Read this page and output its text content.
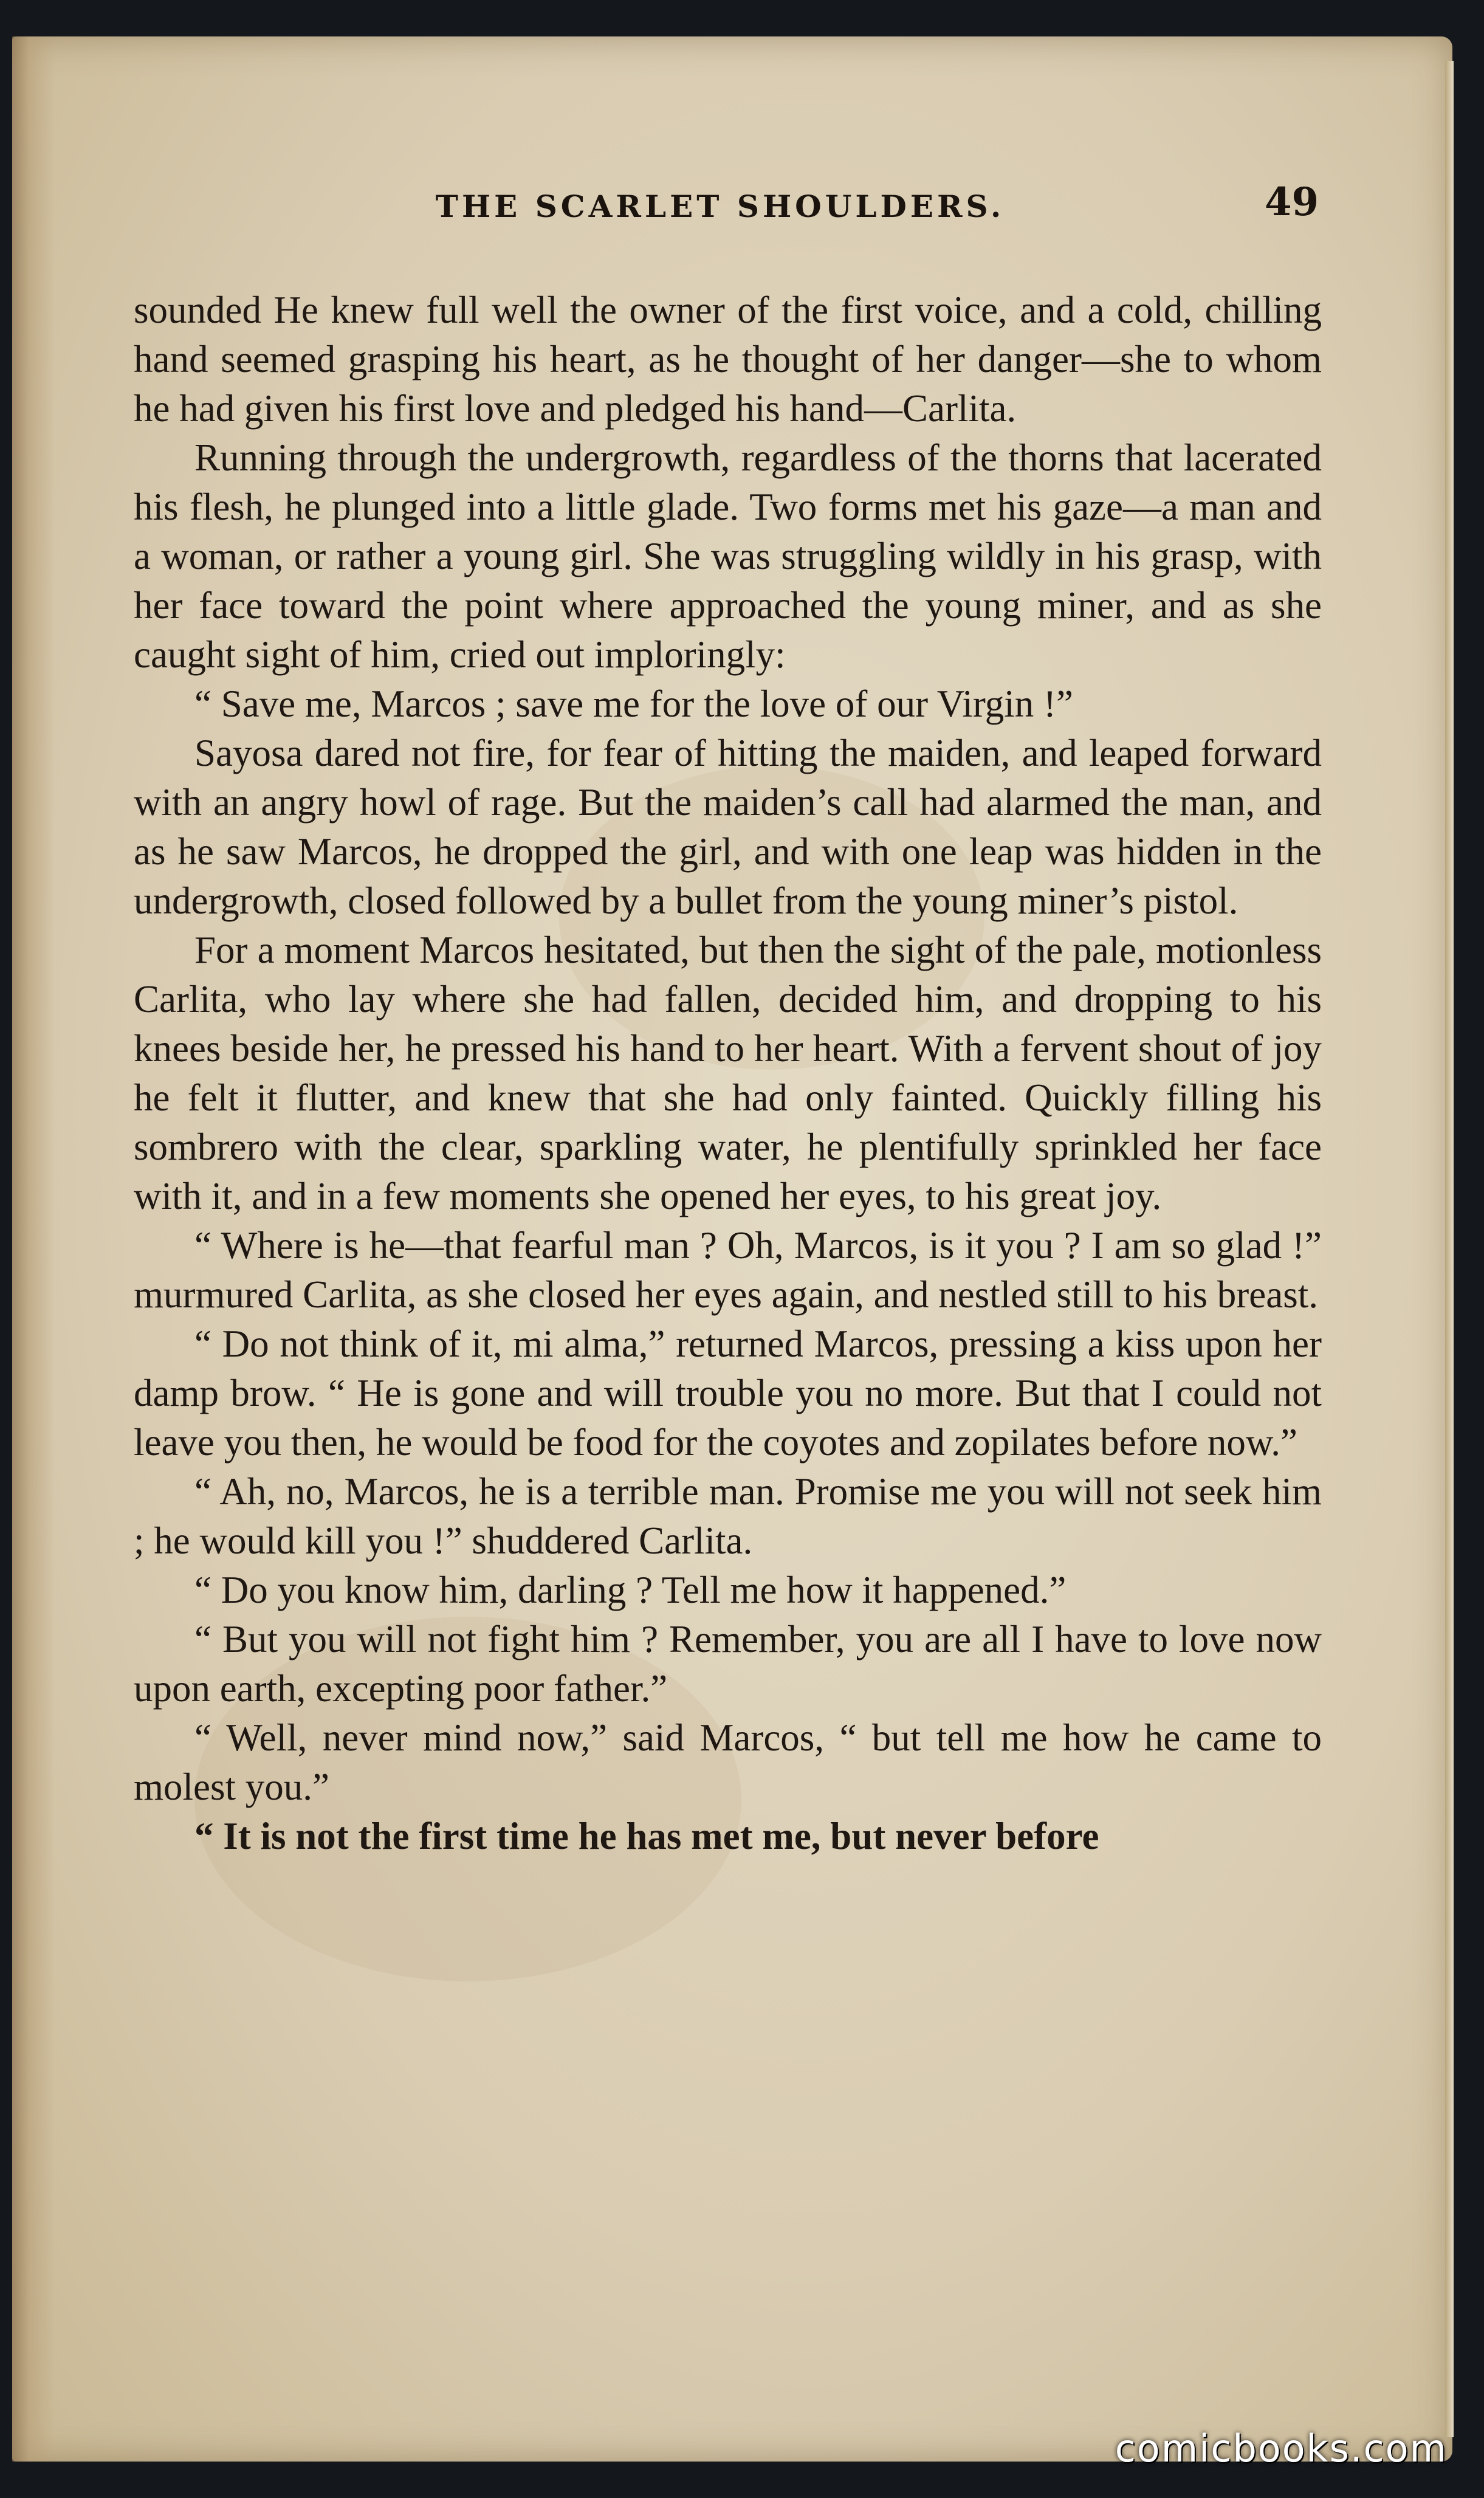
THE SCARLET SHOULDERS.	49

sounded He knew full well the owner of the first voice, and a cold, chilling hand seemed grasping his heart, as he thought of her danger—she to whom he had given his first love and pledged his hand—Carlita.

Running through the undergrowth, regardless of the thorns that lacerated his flesh, he plunged into a little glade. Two forms met his gaze—a man and a woman, or rather a young girl. She was struggling wildly in his grasp, with her face toward the point where approached the young miner, and as she caught sight of him, cried out imploringly:

“ Save me, Marcos ; save me for the love of our Virgin !”

Sayosa dared not fire, for fear of hitting the maiden, and leaped forward with an angry howl of rage. But the maiden’s call had alarmed the man, and as he saw Marcos, he dropped the girl, and with one leap was hidden in the undergrowth, closed followed by a bullet from the young miner’s pistol.

For a moment Marcos hesitated, but then the sight of the pale, motionless Carlita, who lay where she had fallen, decided him, and dropping to his knees beside her, he pressed his hand to her heart. With a fervent shout of joy he felt it flutter, and knew that she had only fainted. Quickly filling his sombrero with the clear, sparkling water, he plentifully sprinkled her face with it, and in a few moments she opened her eyes, to his great joy.

“ Where is he—that fearful man ? Oh, Marcos, is it you ? I am so glad !” murmured Carlita, as she closed her eyes again, and nestled still to his breast.

“ Do not think of it, mi alma,” returned Marcos, pressing a kiss upon her damp brow. “ He is gone and will trouble you no more. But that I could not leave you then, he would be food for the coyotes and zopilates before now.”

“ Ah, no, Marcos, he is a terrible man. Promise me you will not seek him ; he would kill you !” shuddered Carlita.

“ Do you know him, darling ? Tell me how it happened.”

“ But you will not fight him ? Remember, you are all I have to love now upon earth, excepting poor father.”

“ Well, never mind now,” said Marcos, “ but tell me how he came to molest you.”

“ It is not the first time he has met me, but never before

comicbooks.com
